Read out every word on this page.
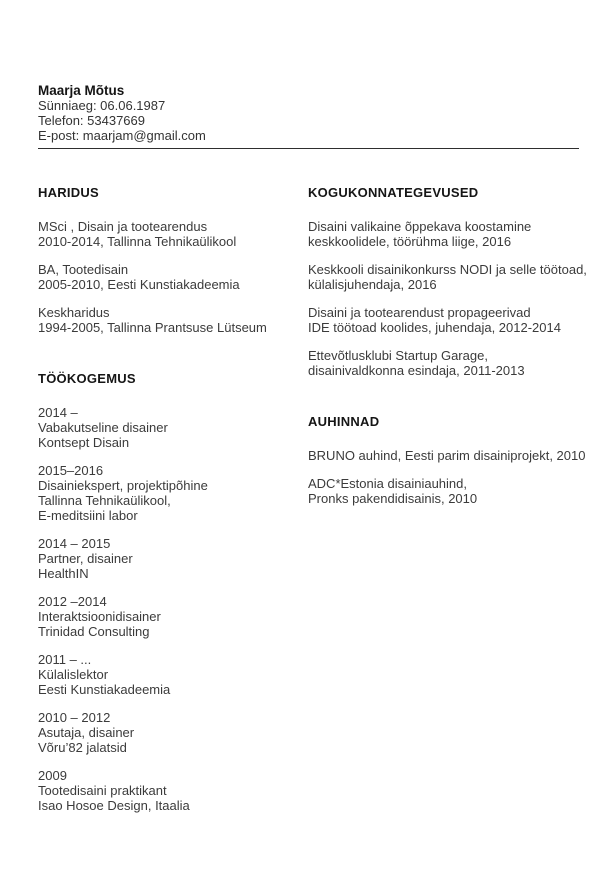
Maarja Mõtus
Sünniaeg: 06.06.1987
Telefon: 53437669
E-post: maarjam@gmail.com
HARIDUS
MSci , Disain ja tootearendus
2010-2014, Tallinna Tehnikaülikool
BA, Tootedisain
2005-2010, Eesti Kunstiakadeemia
Keskharidus
1994-2005, Tallinna Prantsuse Lütseum
TÖÖKOGEMUS
2014 –
Vabakutseline disainer
Kontsept Disain
2015–2016
Disainiekspert, projektipõhine
Tallinna Tehnikaülikool,
E-meditsiini labor
2014 – 2015
Partner, disainer
HealthIN
2012 –2014
Interaktsioonidisainer
Trinidad Consulting
2011 – ...
Külalislektor
Eesti Kunstiakadeemia
2010 – 2012
Asutaja, disainer
Võru’82 jalatsid
2009
Tootedisaini praktikant
Isao Hosoe Design, Itaalia
KOGUKONNATEGEVUSED
Disaini valikaine õppekava koostamine
keskkoolidele, töörühma liige, 2016
Keskkooli disainikonkurss NODI ja selle töötoad,
külalisjuhendaja, 2016
Disaini ja tootearendust propageerivad
IDE töötoad koolides, juhendaja, 2012-2014
Ettevõtlusklubi Startup Garage,
disainivaldkonna esindaja, 2011-2013
AUHINNAD
BRUNO auhind, Eesti parim disainiprojekt, 2010
ADC*Estonia disainiauhind,
Pronks pakendidisainis, 2010
